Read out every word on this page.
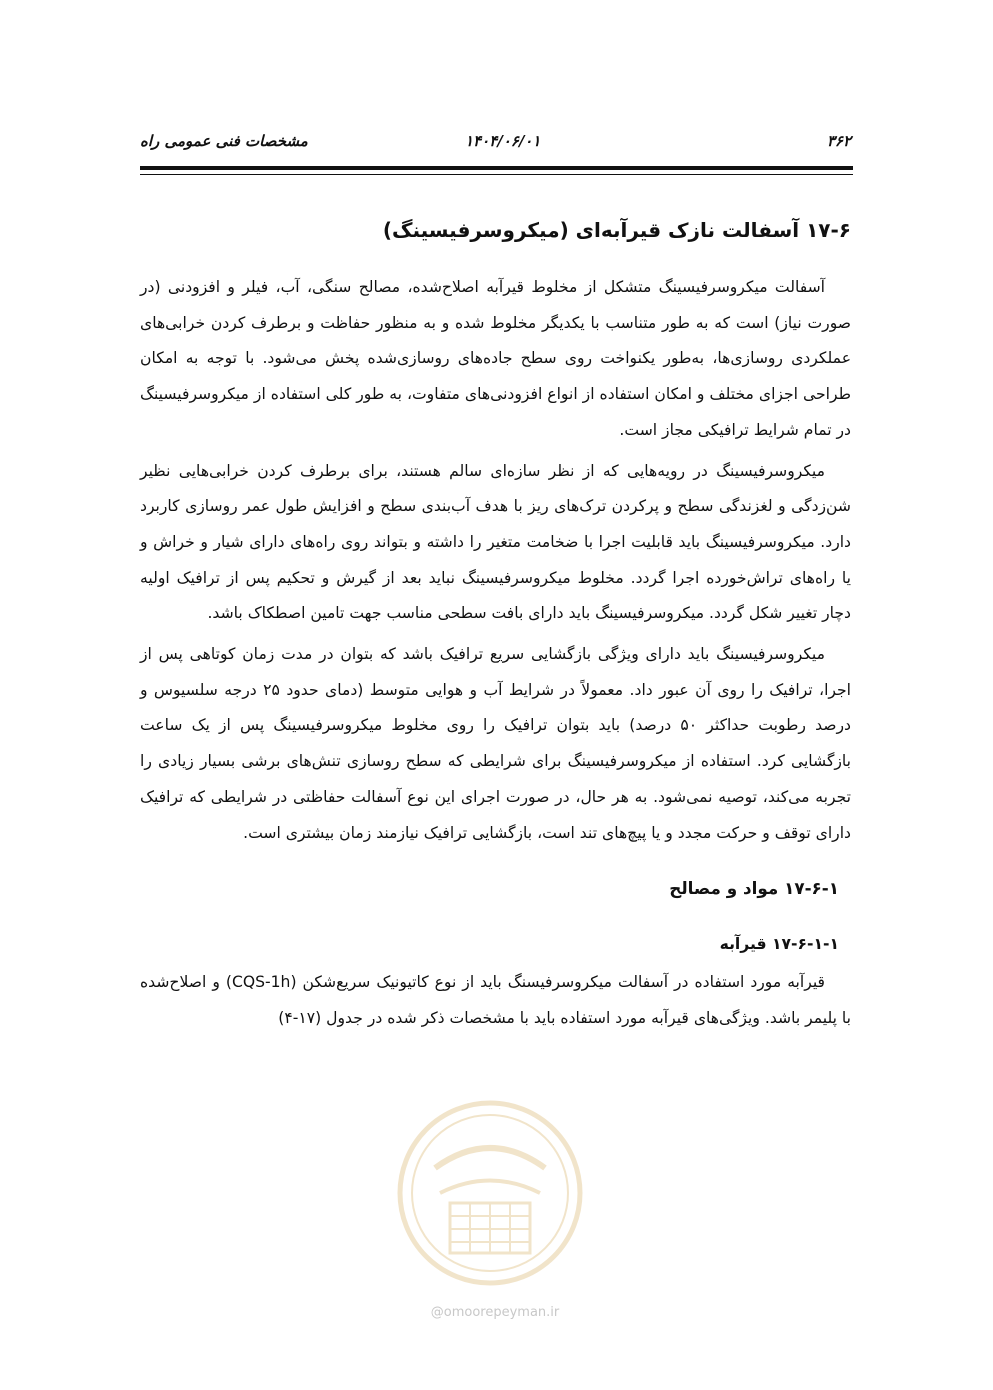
مشخصات فنی عمومی راه	۱۴۰۴/۰۶/۰۱	۳۶۲
۱۷-۶ آسفالت نازک قیرآبه‌ای (میکروسرفیسینگ)

آسفالت میکروسرفیسینگ متشکل از مخلوط قیرآبه اصلاح‌شده، مصالح سنگی، آب، فیلر و افزودنی (در صورت نیاز) است که به طور متناسب با یکدیگر مخلوط شده و به منظور حفاظت و برطرف کردن خرابی‌های عملکردی روسازی‌ها، به‌طور یکنواخت روی سطح جاده‌های روسازی‌شده پخش می‌شود. با توجه به امکان طراحی اجزای مختلف و امکان استفاده از انواع افزودنی‌های متفاوت، به طور کلی استفاده از میکروسرفیسینگ در تمام شرایط ترافیکی مجاز است.

میکروسرفیسینگ در رویه‌هایی که از نظر سازه‌ای سالم هستند، برای برطرف کردن خرابی‌هایی نظیر شن‌زدگی و لغزندگی سطح و پرکردن ترک‌های ریز با هدف آب‌بندی سطح و افزایش طول عمر روسازی کاربرد دارد. میکروسرفیسینگ باید قابلیت اجرا با ضخامت متغیر را داشته و بتواند روی راه‌های دارای شیار و خراش و یا راه‌های تراش‌خورده اجرا گردد. مخلوط میکروسرفیسینگ نباید بعد از گیرش و تحکیم پس از ترافیک اولیه دچار تغییر شکل گردد. میکروسرفیسینگ باید دارای بافت سطحی مناسب جهت تامین اصطکاک باشد.

میکروسرفیسینگ باید دارای ویژگی بازگشایی سریع ترافیک باشد که بتوان در مدت زمان کوتاهی پس از اجرا، ترافیک را روی آن عبور داد. معمولاً در شرایط آب و هوایی متوسط (دمای حدود ۲۵ درجه سلسیوس و درصد رطوبت حداکثر ۵۰ درصد) باید بتوان ترافیک را روی مخلوط میکروسرفیسینگ پس از یک ساعت بازگشایی کرد. استفاده از میکروسرفیسینگ برای شرایطی که سطح روسازی تنش‌های برشی بسیار زیادی را تجربه می‌کند، توصیه نمی‌شود. به هر حال، در صورت اجرای این نوع آسفالت حفاظتی در شرایطی که ترافیک دارای توقف و حرکت مجدد و یا پیچ‌های تند است، بازگشایی ترافیک نیازمند زمان بیشتری است.

۱۷-۶-۱ مواد و مصالح
۱۷-۶-۱-۱ قیرآبه

قیرآبه مورد استفاده در آسفالت میکروسرفیسنگ باید از نوع کاتیونیک سریع‌شکن (CQS-1h) و اصلاح‌شده با پلیمر باشد. ویژگی‌های قیرآبه مورد استفاده باید با مشخصات ذکر شده در جدول (۱۷-۴)

@omoorepeyman.ir
